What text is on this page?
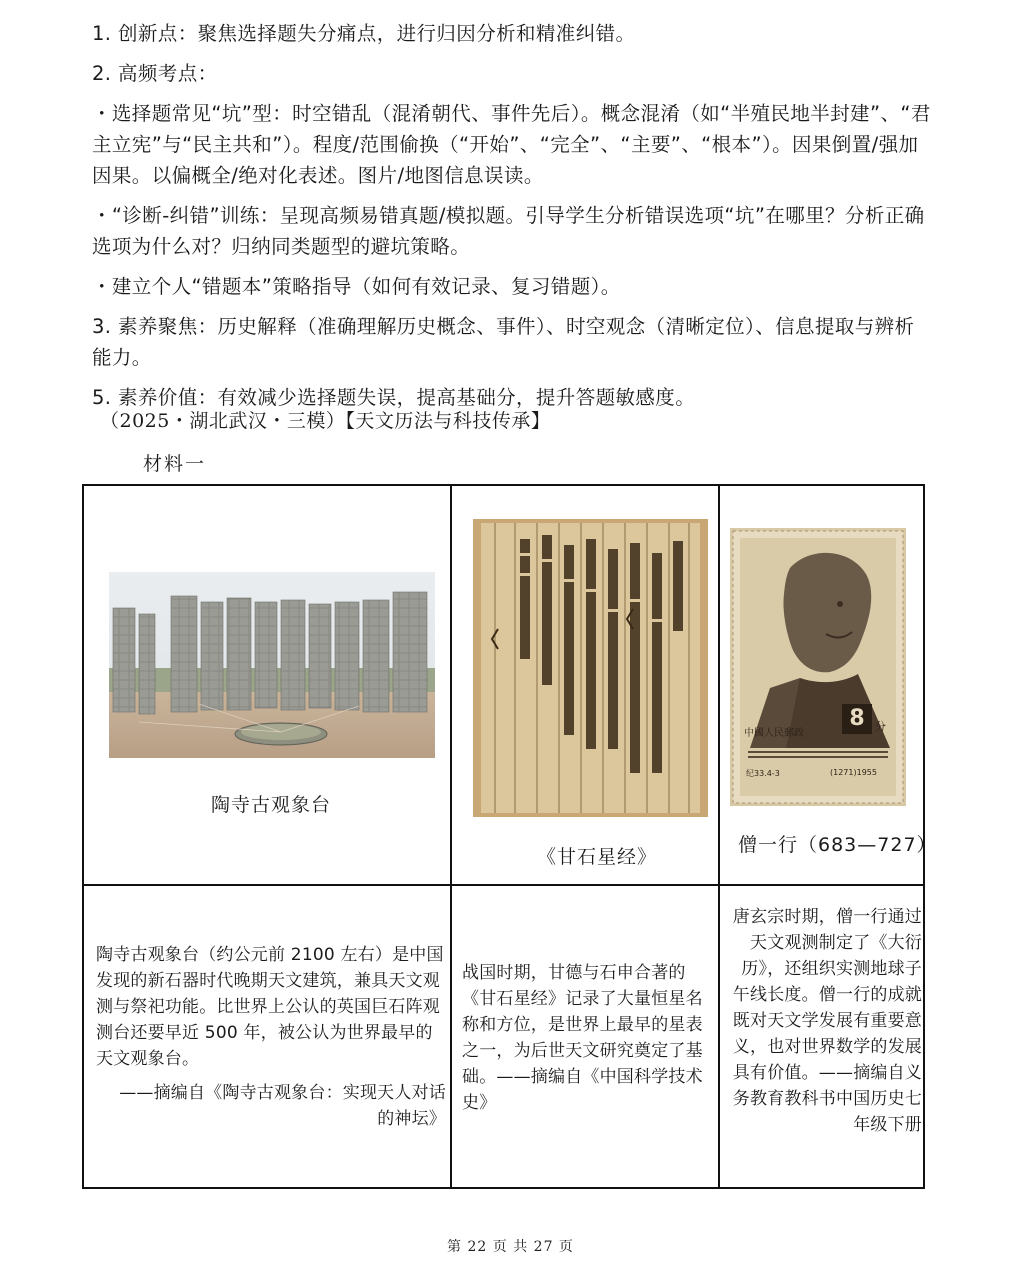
1. 创新点：聚焦选择题失分痛点，进行归因分析和精准纠错。

2. 高频考点：

・选择题常见“坑”型：时空错乱（混淆朝代、事件先后）。概念混淆（如“半殖民地半封建”、“君主立宪”与“民主共和”）。程度/范围偷换（“开始”、“完全”、“主要”、“根本”）。因果倒置/强加因果。以偏概全/绝对化表述。图片/地图信息误读。

・“诊断-纠错”训练：呈现高频易错真题/模拟题。引导学生分析错误选项“坑”在哪里？分析正确选项为什么对？归纳同类题型的避坑策略。

・建立个人“错题本”策略指导（如何有效记录、复习错题）。

3. 素养聚焦：历史解释（准确理解历史概念、事件）、时空观念（清晰定位）、信息提取与辨析能力。

5. 素养价值：有效减少选择题失误，提高基础分，提升答题敏感度。

（2025・湖北武汉・三模）【天文历法与科技传承】
材料一
陶寺古观象台
《甘石星经》
中國人民郵政
8 分
纪33.4-3	(1271)1955
僧一行（683—727）
陶寺古观象台（约公元前 2100 左右）是中国发现的新石器时代晚期天文建筑，兼具天文观测与祭祀功能。比世界上公认的英国巨石阵观测台还要早近 500 年，被公认为世界最早的天文观象台。
——摘编自《陶寺古观象台：实现天人对话的神坛》
战国时期，甘德与石申合著的《甘石星经》记录了大量恒星名称和方位，是世界上最早的星表之一，为后世天文研究奠定了基础。——摘编自《中国科学技术史》
唐玄宗时期，僧一行通过天文观测制定了《大衍历》，还组织实测地球子午线长度。僧一行的成就既对天文学发展有重要意义，也对世界数学的发展具有价值。——摘编自义务教育教科书中国历史七年级下册
第 22 页 共 27 页
